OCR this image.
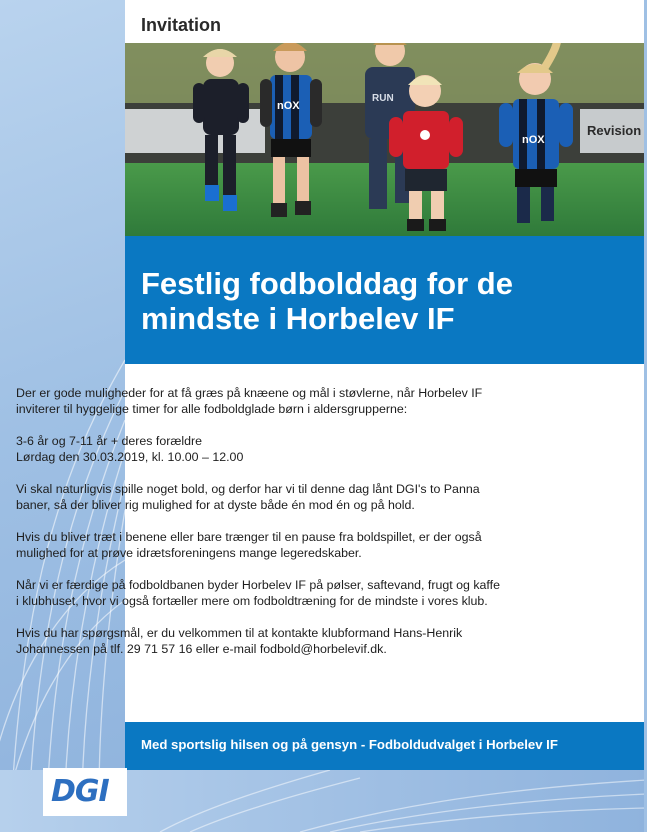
Invitation
Revision
nOX
RUN
nOX
Festlig fodbolddag for de
mindste i Horbelev IF

Der er gode muligheder for at få græs på knæene og mål i støvlerne, når Horbelev IF inviterer til hyggelige timer for alle fodboldglade børn i aldersgrupperne:

3-6 år og 7-11 år + deres forældre
Lørdag den 30.03.2019, kl. 10.00 – 12.00

Vi skal naturligvis spille noget bold, og derfor har vi til denne dag lånt DGI's to Panna baner, så der bliver rig mulighed for at dyste både én mod én og på hold.

Hvis du bliver træt i benene eller bare trænger til en pause fra boldspillet, er der også mulighed for at prøve idrætsforeningens mange legeredskaber.

Når vi er færdige på fodboldbanen byder Horbelev IF på pølser, saftevand, frugt og kaffe i klubhuset, hvor vi også fortæller mere om fodboldtræning for de mindste i vores klub.

Hvis du har spørgsmål, er du velkommen til at kontakte klubformand Hans-Henrik Johannessen på tlf. 29 71 57 16 eller e-mail fodbold@horbelevif.dk.

Med sportslig hilsen og på gensyn - Fodboldudvalget i Horbelev IF
DGI
